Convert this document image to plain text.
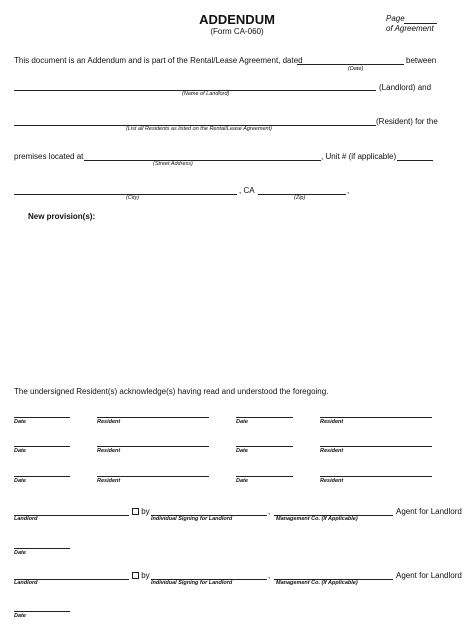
ADDENDUM
(Form CA-060)
Page
of Agreement
This document is an Addendum and is part of the Rental/Lease Agreement, dated	between
(Date)
(Landlord) and
(Name of Landlord)
(Resident) for the
(List all Residents as listed on the Rental/Lease Agreement)
premises located at	, Unit # (if applicable)
(Street Address)
, CA	,
(City)	(Zip)
New provision(s):
The undersigned Resident(s) acknowledge(s) having read and understood the foregoing.
Date	Resident	Date	Resident
Date	Resident	Date	Resident
Date	Resident	Date	Resident
by	,	Agent for Landlord
Landlord	Individual Signing for Landlord	Management Co. (If Applicable)
Date
by	,	Agent for Landlord
Landlord	Individual Signing for Landlord	Management Co. (If Applicable)
Date
